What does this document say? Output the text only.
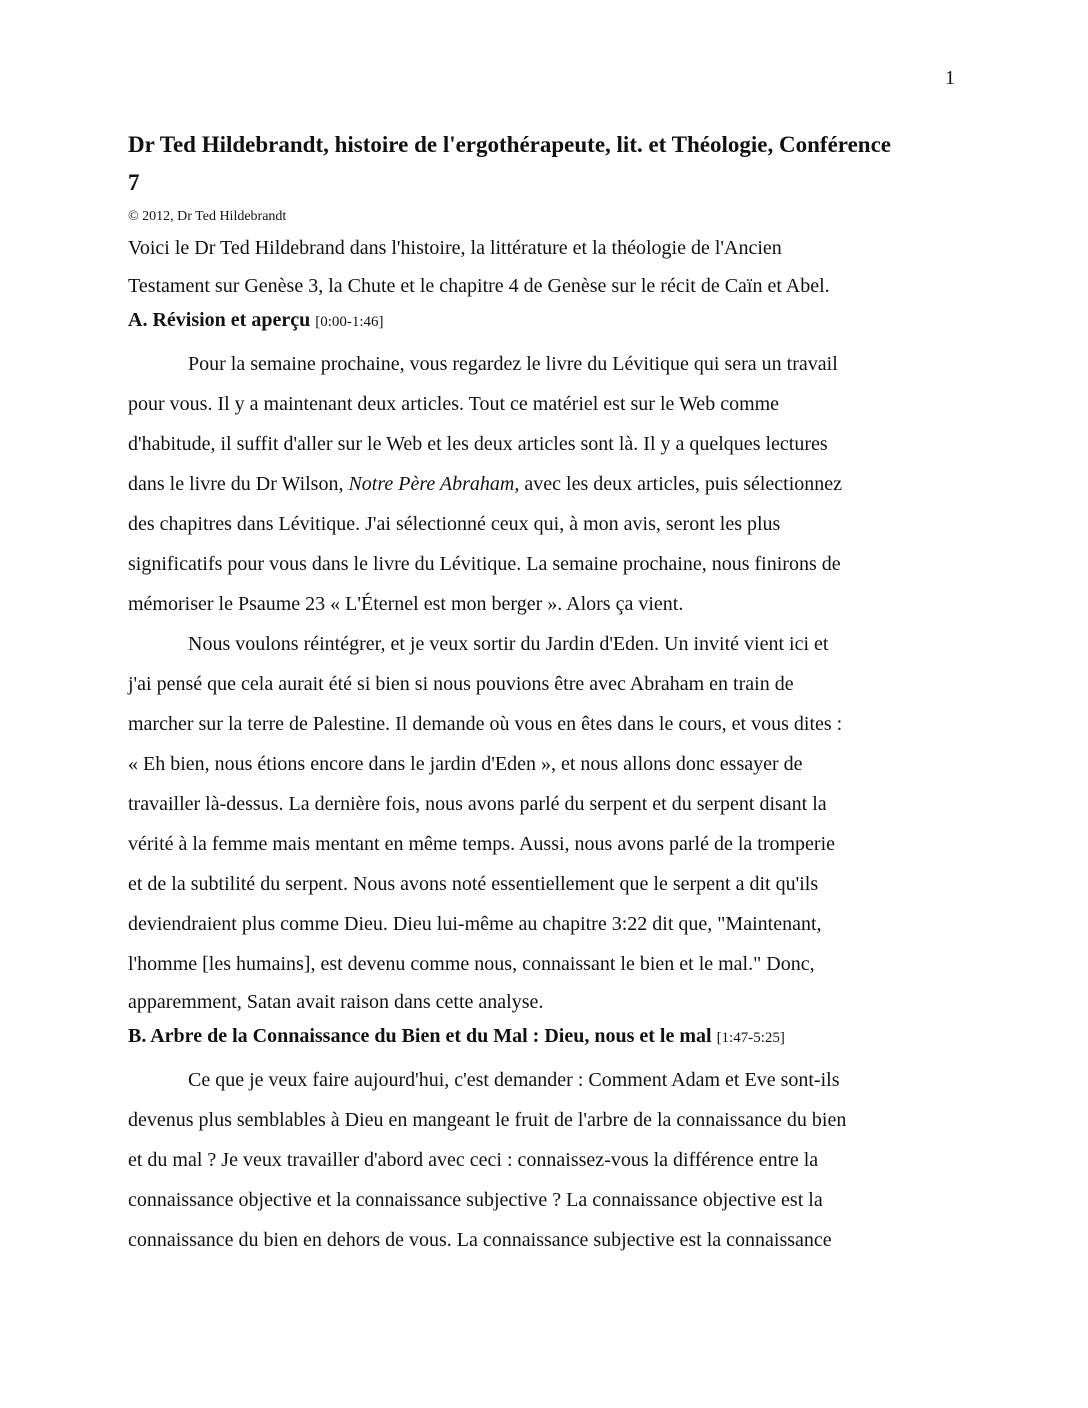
1
Dr Ted Hildebrandt, histoire de l'ergothérapeute, lit. et Théologie, Conférence
7
© 2012, Dr Ted Hildebrandt

Voici le Dr Ted Hildebrand dans l'histoire, la littérature et la théologie de l'Ancien
Testament sur Genèse 3, la Chute et le chapitre 4 de Genèse sur le récit de Caïn et Abel.

A. Révision et aperçu [0:00-1:46]

Pour la semaine prochaine, vous regardez le livre du Lévitique qui sera un travail
pour vous. Il y a maintenant deux articles. Tout ce matériel est sur le Web comme
d'habitude, il suffit d'aller sur le Web et les deux articles sont là. Il y a quelques lectures
dans le livre du Dr Wilson, Notre Père Abraham, avec les deux articles, puis sélectionnez
des chapitres dans Lévitique. J'ai sélectionné ceux qui, à mon avis, seront les plus
significatifs pour vous dans le livre du Lévitique. La semaine prochaine, nous finirons de
mémoriser le Psaume 23 « L'Éternel est mon berger ». Alors ça vient.

Nous voulons réintégrer, et je veux sortir du Jardin d'Eden. Un invité vient ici et
j'ai pensé que cela aurait été si bien si nous pouvions être avec Abraham en train de
marcher sur la terre de Palestine. Il demande où vous en êtes dans le cours, et vous dites :
« Eh bien, nous étions encore dans le jardin d'Eden », et nous allons donc essayer de
travailler là-dessus. La dernière fois, nous avons parlé du serpent et du serpent disant la
vérité à la femme mais mentant en même temps. Aussi, nous avons parlé de la tromperie
et de la subtilité du serpent. Nous avons noté essentiellement que le serpent a dit qu'ils
deviendraient plus comme Dieu. Dieu lui-même au chapitre 3:22 dit que, "Maintenant,
l'homme [les humains], est devenu comme nous, connaissant le bien et le mal." Donc,
apparemment, Satan avait raison dans cette analyse.

B. Arbre de la Connaissance du Bien et du Mal : Dieu, nous et le mal [1:47-5:25]

Ce que je veux faire aujourd'hui, c'est demander : Comment Adam et Eve sont-ils
devenus plus semblables à Dieu en mangeant le fruit de l'arbre de la connaissance du bien
et du mal ? Je veux travailler d'abord avec ceci : connaissez-vous la différence entre la
connaissance objective et la connaissance subjective ? La connaissance objective est la
connaissance du bien en dehors de vous. La connaissance subjective est la connaissance
